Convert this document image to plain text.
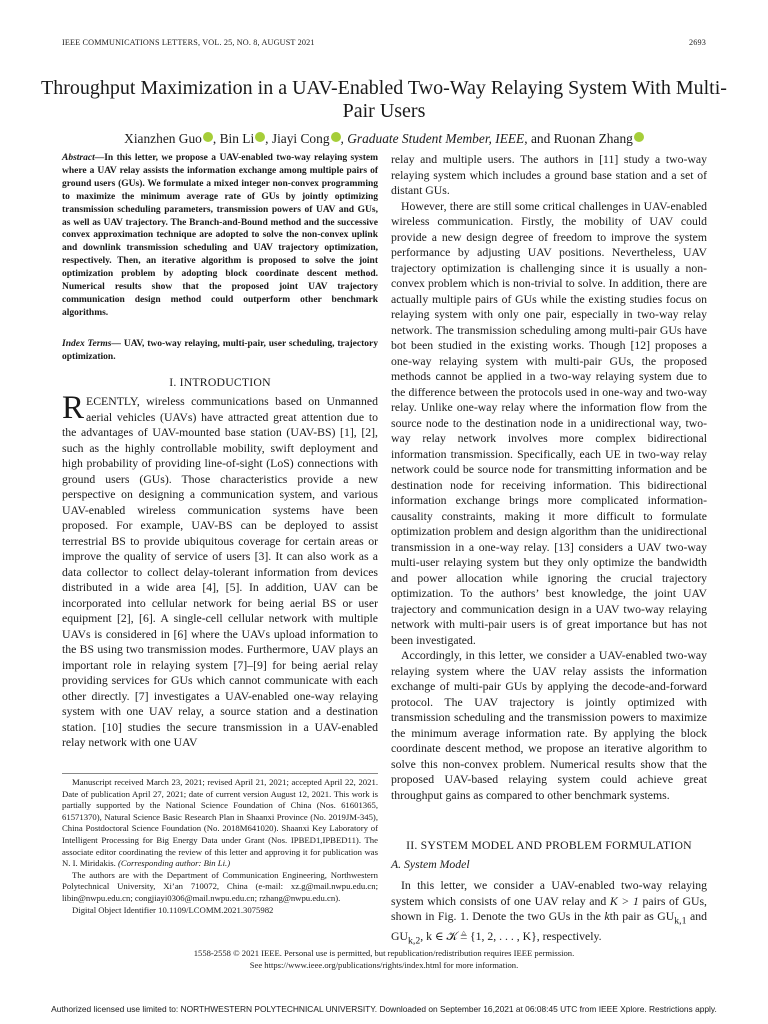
IEEE COMMUNICATIONS LETTERS, VOL. 25, NO. 8, AUGUST 2021	2693
Throughput Maximization in a UAV-Enabled Two-Way Relaying System With Multi-Pair Users
Xianzhen Guo , Bin Li , Jiayi Cong , Graduate Student Member, IEEE, and Ruonan Zhang
Abstract—In this letter, we propose a UAV-enabled two-way relaying system where a UAV relay assists the information exchange among multiple pairs of ground users (GUs). We formulate a mixed integer non-convex programming to maximize the minimum average rate of GUs by jointly optimizing transmission scheduling parameters, transmission powers of UAV and GUs, as well as UAV trajectory. The Branch-and-Bound method and the successive convex approximation technique are adopted to solve the non-convex uplink and downlink transmission scheduling and UAV trajectory optimization, respectively. Then, an iterative algorithm is proposed to solve the joint optimization problem by adopting block coordinate descent method. Numerical results show that the proposed joint UAV trajectory communication design method could outperform other benchmark algorithms.
Index Terms— UAV, two-way relaying, multi-pair, user scheduling, trajectory optimization.
I. INTRODUCTION
RECENTLY, wireless communications based on Unmanned aerial vehicles (UAVs) have attracted great attention due to the advantages of UAV-mounted base station (UAV-BS) [1], [2], such as the highly controllable mobility, swift deployment and high probability of providing line-of-sight (LoS) connections with ground users (GUs). Those characteristics provide a new perspective on designing a communication system, and various UAV-enabled wireless communication systems have been proposed. For example, UAV-BS can be deployed to assist terrestrial BS to provide ubiquitous coverage for certain areas or improve the quality of service of users [3]. It can also work as a data collector to collect delay-tolerant information from devices distributed in a wide area [4], [5]. In addition, UAV can be incorporated into cellular network for being aerial BS or user equipment [2], [6]. A single-cell cellular network with multiple UAVs is considered in [6] where the UAVs upload information to the BS using two transmission modes. Furthermore, UAV plays an important role in relaying system [7]–[9] for being aerial relay providing services for GUs which cannot communicate with each other directly. [7] investigates a UAV-enabled one-way relaying system with one UAV relay, a source station and a destination station. [10] studies the secure transmission in a UAV-enabled relay network with one UAV

Manuscript received March 23, 2021; revised April 21, 2021; accepted April 22, 2021. Date of publication April 27, 2021; date of current version August 12, 2021. This work is partially supported by the National Science Foundation of China (Nos. 61601365, 61571370), Natural Science Basic Research Plan in Shaanxi Province (No. 2019JM-345), China Postdoctoral Science Foundation (No. 2018M641020). Shaanxi Key Laboratory of Intelligent Processing for Big Energy Data under Grant (Nos. IPBED1,IPBED11). The associate editor coordinating the review of this letter and approving it for publication was N. I. Miridakis. (Corresponding author: Bin Li.)

The authors are with the Department of Communication Engineering, Northwestern Polytechnical University, Xi’an 710072, China (e-mail: xz.g@mail.nwpu.edu.cn; libin@nwpu.edu.cn; congjiayi0306@mail.nwpu.edu.cn; rzhang@nwpu.edu.cn).

Digital Object Identifier 10.1109/LCOMM.2021.3075982

relay and multiple users. The authors in [11] study a two-way relaying system which includes a ground base station and a set of distant GUs.

However, there are still some critical challenges in UAV-enabled wireless communication. Firstly, the mobility of UAV could provide a new design degree of freedom to improve the system performance by adjusting UAV positions. Nevertheless, UAV trajectory optimization is challenging since it is usually a non-convex problem which is non-trivial to solve. In addition, there are actually multiple pairs of GUs while the existing studies focus on relaying system with only one pair, especially in two-way relay network. The transmission scheduling among multi-pair GUs have bot been studied in the existing works. Though [12] proposes a one-way relaying system with multi-pair GUs, the proposed methods cannot be applied in a two-way relaying system due to the difference between the protocols used in one-way and two-way relay. Unlike one-way relay where the information flow from the source node to the destination node in a unidirectional way, two-way relay network involves more complex bidirectional information transmission. Specifically, each UE in two-way relay network could be source node for transmitting information and be destination node for receiving information. This bidirectional information exchange brings more complicated information-causality constraints, making it more difficult to formulate optimization problem and design algorithm than the unidirectional transmission in a one-way relay. [13] considers a UAV two-way multi-user relaying system but they only optimize the bandwidth and power allocation while ignoring the crucial trajectory optimization. To the authors’ best knowledge, the joint UAV trajectory and communication design in a UAV two-way relaying network with multi-pair users is of great importance but has not been investigated.

Accordingly, in this letter, we consider a UAV-enabled two-way relaying system where the UAV relay assists the information exchange of multi-pair GUs by applying the decode-and-forward protocol. The UAV trajectory is jointly optimized with transmission scheduling and the transmission powers to maximize the minimum average information rate. By applying the block coordinate descent method, we propose an iterative algorithm to solve this non-convex problem. Numerical results show that the proposed UAV-based relaying system could achieve great throughput gains as compared to other benchmark systems.

II. SYSTEM MODEL AND PROBLEM FORMULATION
A. System Model

In this letter, we consider a UAV-enabled two-way relaying system which consists of one UAV relay and K > 1 pairs of GUs, shown in Fig. 1. Denote the two GUs in the kth pair as $GU_{k,1}$ and $GU_{k,2}$, k ∈ 𝒦 ≜ {1, 2, . . . , K}, respectively.

1558-2558 © 2021 IEEE. Personal use is permitted, but republication/redistribution requires IEEE permission.
See https://www.ieee.org/publications/rights/index.html for more information.
Authorized licensed use limited to: NORTHWESTERN POLYTECHNICAL UNIVERSITY. Downloaded on September 16,2021 at 06:08:45 UTC from IEEE Xplore. Restrictions apply.
